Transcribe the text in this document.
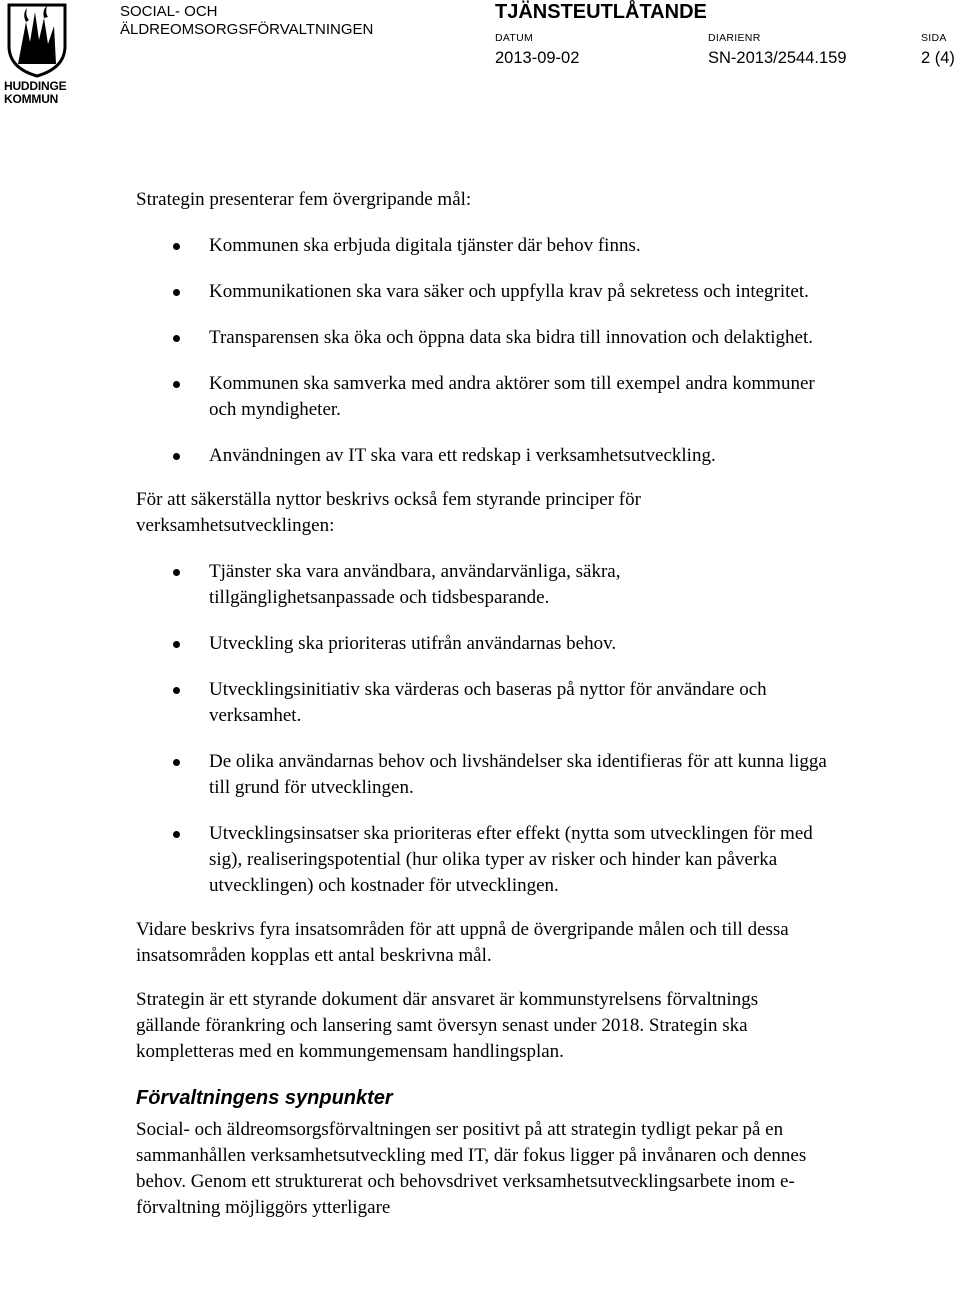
HUDDINGE
KOMMUN
SOCIAL- OCH
ÄLDREOMSORGSFÖRVALTNINGEN
TJÄNSTEUTLÅTANDE
DATUM	DIARIENR	SIDA
2013-09-02	SN-2013/2544.159	2 (4)

Strategin presenterar fem övergripande mål:

Kommunen ska erbjuda digitala tjänster där behov finns.
Kommunikationen ska vara säker och uppfylla krav på sekretess och integritet.
Transparensen ska öka och öppna data ska bidra till innovation och delaktighet.
Kommunen ska samverka med andra aktörer som till exempel andra kommuner och myndigheter.
Användningen av IT ska vara ett redskap i verksamhetsutveckling.

För att säkerställa nyttor beskrivs också fem styrande principer för verksamhetsutvecklingen:

Tjänster ska vara användbara, användarvänliga, säkra, tillgänglighetsanpassade och tidsbesparande.
Utveckling ska prioriteras utifrån användarnas behov.
Utvecklingsinitiativ ska värderas och baseras på nyttor för användare och verksamhet.
De olika användarnas behov och livshändelser ska identifieras för att kunna ligga till grund för utvecklingen.
Utvecklingsinsatser ska prioriteras efter effekt (nytta som utvecklingen för med sig), realiseringspotential (hur olika typer av risker och hinder kan påverka utvecklingen) och kostnader för utvecklingen.

Vidare beskrivs fyra insatsområden för att uppnå de övergripande målen och till dessa insatsområden kopplas ett antal beskrivna mål.

Strategin är ett styrande dokument där ansvaret är kommunstyrelsens förvaltnings gällande förankring och lansering samt översyn senast under 2018. Strategin ska kompletteras med en kommungemensam handlingsplan.

Förvaltningens synpunkter

Social- och äldreomsorgsförvaltningen ser positivt på att strategin tydligt pekar på en sammanhållen verksamhetsutveckling med IT, där fokus ligger på invånaren och dennes behov. Genom ett strukturerat och behovsdrivet verksamhetsutvecklingsarbete inom e-förvaltning möjliggörs ytterligare
